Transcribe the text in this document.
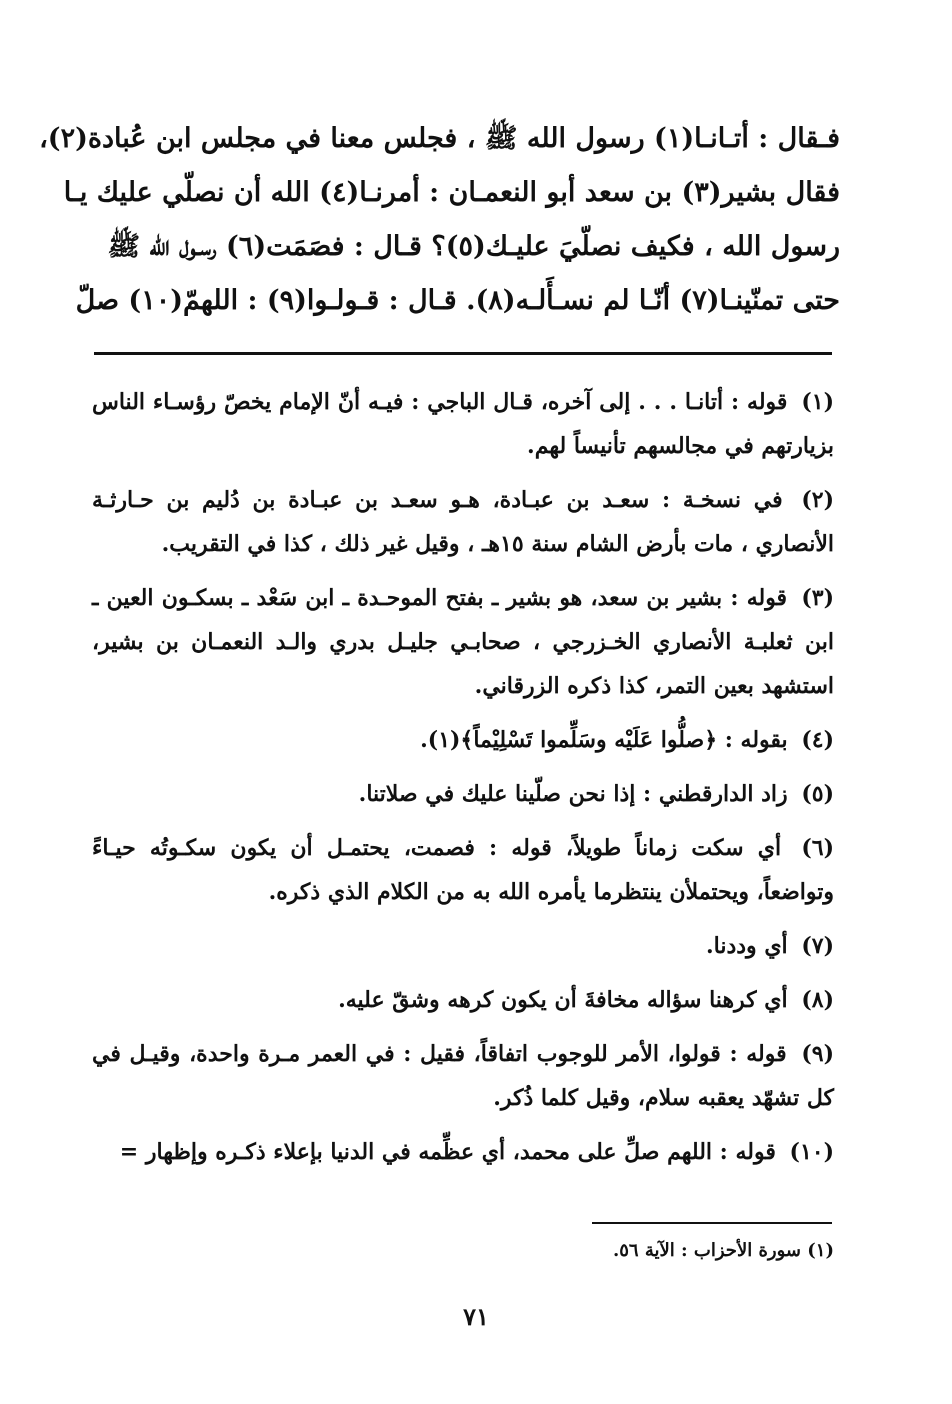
فـقال : أتـانـا(١) رسول الله ﷺ ، فجلس معنا في مجلس ابن عُبادة(٢)،
فقال بشير(٣) بن سعد أبو النعمـان : أمرنـا(٤) الله أن نصلّي عليك يـا
رسول الله ، فكيف نصلّيَ عليـك(٥)؟ قـال : فصَمَت(٦) رسـول الله ﷺ
حتى تمنّينـا(٧) أنّـا لم نسـأَلـه(٨). قـال : قـولـوا(٩) : اللهمّ(١٠) صلّ

(١) قوله : أتانـا . . . إلى آخره، قـال الباجي : فيـه أنّ الإمام يخصّ رؤسـاء الناس بزيارتهم في مجالسهم تأنيساً لهم.

(٢) في نسخـة : سعـد بن عبـادة، هـو سعـد بن عبـادة بن دُليم بن حـارثـة الأنصاري ، مات بأرض الشام سنة ١٥هـ ، وقيل غير ذلك ، كذا في التقريب.

(٣) قوله : بشير بن سعد، هو بشير ـ بفتح الموحـدة ـ ابن سَعْد ـ بسكـون العين ـ ابن ثعلبـة الأنصاري الخـزرجي ، صحابـي جليـل بدري والـد النعمـان بن بشير، استشهد بعين التمر، كذا ذكره الزرقاني.

(٤) بقوله : ﴿صلُّوا عَلَيْه وسَلِّموا تَسْلِيْماً﴾(١).

(٥) زاد الدارقطني : إذا نحن صلّينا عليك في صلاتنا.

(٦) أي سكت زماناً طويلاً، قوله : فصمت، يحتمـل أن يكون سكـوتُه حيـاءً وتواضعاً، ويحتملأن ينتظرما يأمره الله به من الكلام الذي ذكره.

(٧) أي وددنا.

(٨) أي كرهنا سؤاله مخافةَ أن يكون كرهه وشقّ عليه.

(٩) قوله : قولوا، الأمر للوجوب اتفاقاً، فقيل : في العمر مـرة واحدة، وقيـل في كل تشهّد يعقبه سلام، وقيل كلما ذُكر.

(١٠) قوله : اللهم صلِّ على محمد، أي عظِّمه في الدنيا بإعلاء ذكـره وإظهار =

(١) سورة الأحزاب : الآية ٥٦.
٧١
